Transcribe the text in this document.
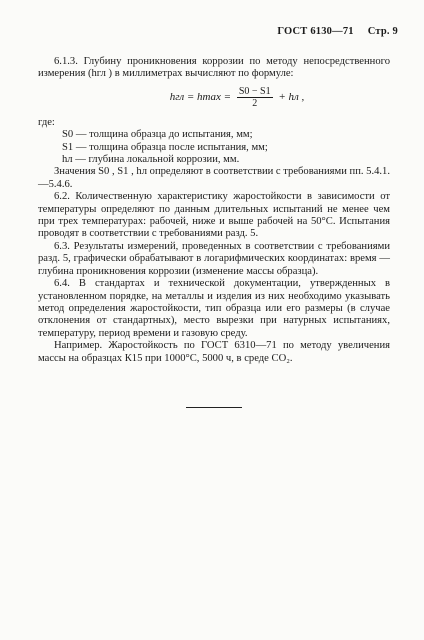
ГОСТ 6130—71 Стр. 9

6.1.3. Глубину проникновения коррозии по методу непосредственного измерения (hгл ) в миллиметрах вычисляют по формуле:

hгл = $hmax = \frac{S0 - S1}{2}$ + hл ,

где:

S0 — толщина образца до испытания, мм;

S1 — толщина образца после испытания, мм;

hл — глубина локальной коррозии, мм.

Значения S0 , S1 , hл определяют в соответствии с требованиями пп. 5.4.1.—5.4.6.

6.2. Количественную характеристику жаростойкости в зависимости от температуры определяют по данным длительных испытаний не менее чем при трех температурах: рабочей, ниже и выше рабочей на 50°С. Испытания проводят в соответствии с требованиями разд. 5.

6.3. Результаты измерений, проведенных в соответствии с требованиями разд. 5, графически обрабатывают в логарифмических координатах: время — глубина проникновения коррозии (изменение массы образца).

6.4. В стандартах и технической документации, утвержденных в установленном порядке, на металлы и изделия из них необходимо указывать метод определения жаростойкости, тип образца или его размеры (в случае отклонения от стандартных), место вырезки при натурных испытаниях, температуру, период времени и газовую среду.

Например. Жаростойкость по ГОСТ 6310—71 по методу увеличения массы на образцах К15 при 1000°С, 5000 ч, в среде CO₂.
